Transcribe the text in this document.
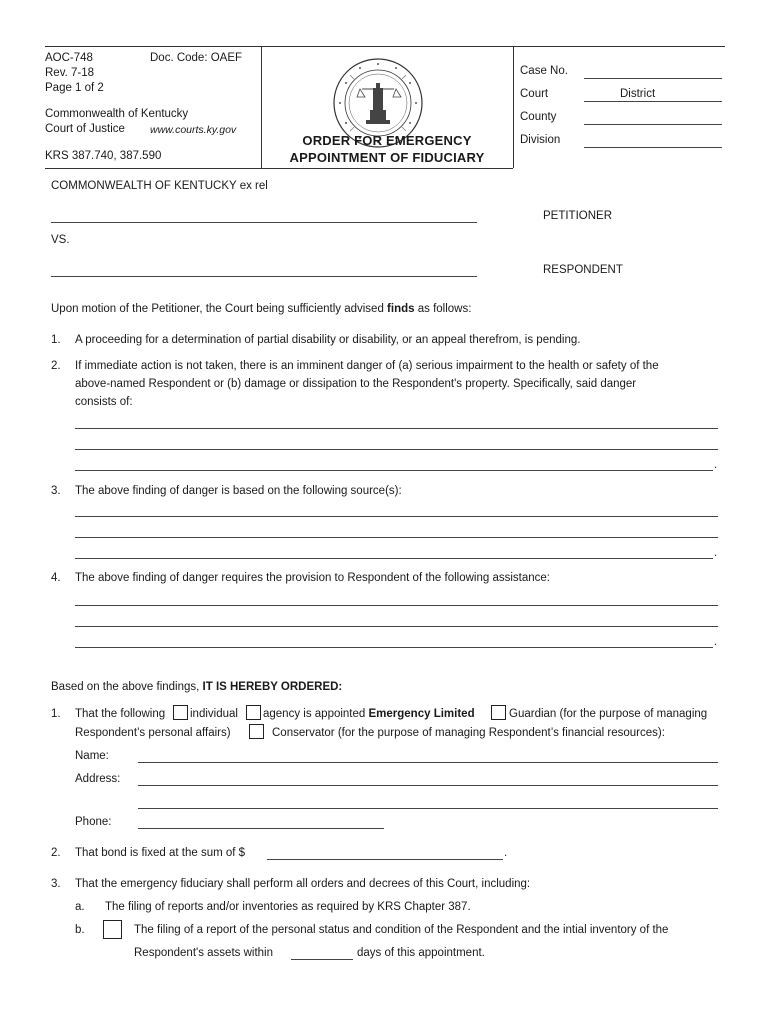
AOC-748	Doc. Code: OAEF
Rev. 7-18
Page 1 of 2
Commonwealth of Kentucky
Court of Justice www.courts.ky.gov
KRS 387.740, 387.590
ORDER FOR EMERGENCY
APPOINTMENT OF FIDUCIARY
Case No.
Court	District
County
Division
COMMONWEALTH OF KENTUCKY ex rel
PETITIONER
VS.
RESPONDENT
Upon motion of the Petitioner, the Court being sufficiently advised finds as follows:
1. A proceeding for a determination of partial disability or disability, or an appeal therefrom, is pending.
2. If immediate action is not taken, there is an imminent danger of (a) serious impairment to the health or safety of the
above-named Respondent or (b) damage or dissipation to the Respondent's property. Specifically, said danger
consists of:
.
3. The above finding of danger is based on the following source(s):
.
4. The above finding of danger requires the provision to Respondent of the following assistance:
.
Based on the above findings, IT IS HEREBY ORDERED:
1. That the following individual agency is appointed Emergency Limited	Guardian (for the purpose of managing
Respondent’s personal affairs)	Conservator (for the purpose of managing Respondent’s financial resources):
Name:
Address:
Phone:
2. That bond is fixed at the sum of $	.
3. That the emergency fiduciary shall perform all orders and decrees of this Court, including:
a. The filing of reports and/or inventories as required by KRS Chapter 387.
b.	The filing of a report of the personal status and condition of the Respondent and the intial inventory of the
Respondent's assets within	days of this appointment.
